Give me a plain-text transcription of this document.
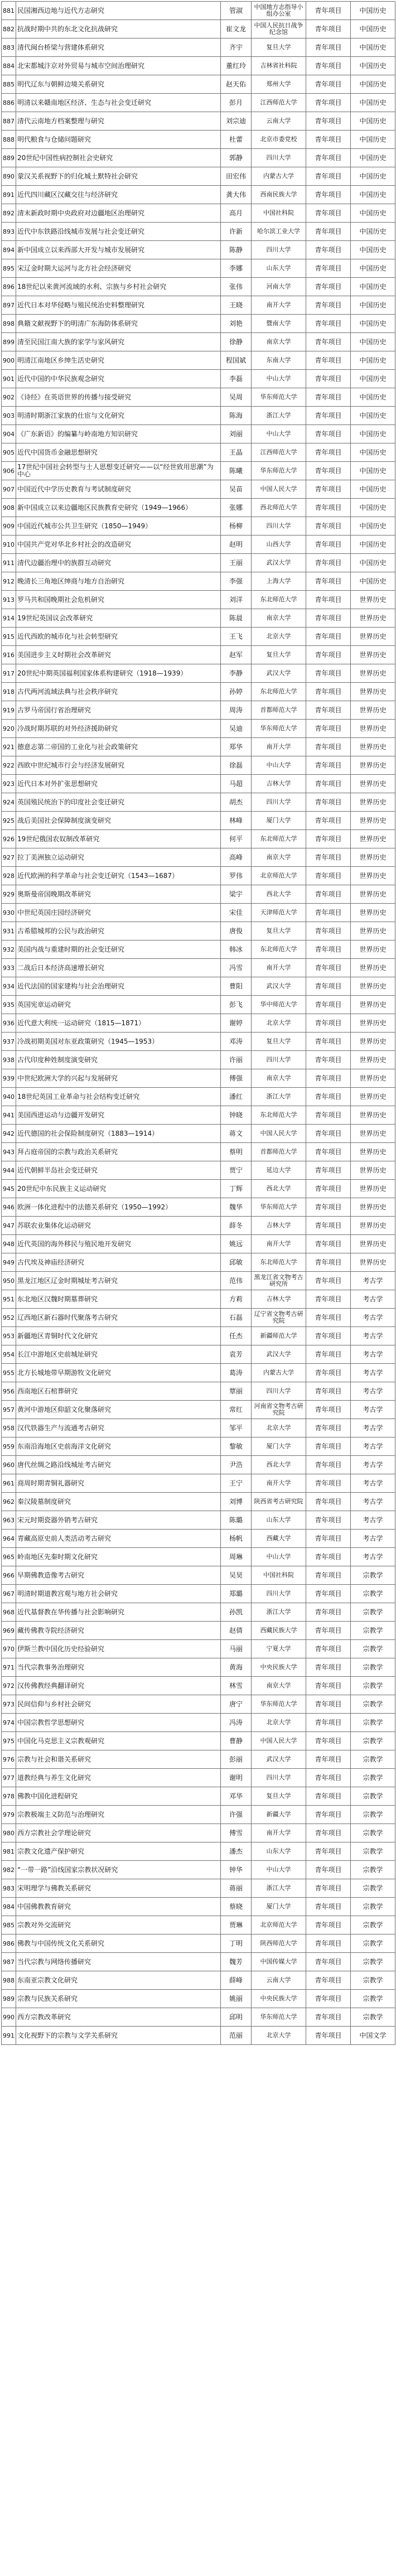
881	民国湘西边地与近代方志研究	管淑	中国地方志指导小组办公室	青年项目	中国历史
882	抗战时期中共的东北文化抗战研究	崔文龙	中国人民抗日战争纪念馆	青年项目	中国历史
883	清代闽台桥梁与营建体系研究	齐宇	复旦大学	青年项目	中国历史
884	北宋都城汴京对外贸易与城市空间治理研究	董红玲	吉林省社科院	青年项目	中国历史
885	明代辽东与朝鲜边境关系研究	赵天佑	郑州大学	青年项目	中国历史
886	明清以来赣南地区经济、生态与社会变迁研究	彭月	江西师范大学	青年项目	中国历史
887	清代云南地方档案整理与研究	刘宗迪	云南大学	青年项目	中国历史
888	明代粮食与仓储问题研究	杜蕾	北京市委党校	青年项目	中国历史
889	20世纪中国性病控制社会史研究	郭静	四川大学	青年项目	中国历史
890	蒙汉关系视野下的归化城土默特社会研究	田宏伟	内蒙古大学	青年项目	中国历史
891	近代四川藏区汉藏交往与经济研究	龚大伟	西南民族大学	青年项目	中国历史
892	清末新政时期中央政府对边疆地区治理研究	高月	中国社科院	青年项目	中国历史
893	近代中东铁路沿线城市发展与社会变迁研究	许新	哈尔滨工业大学	青年项目	中国历史
894	新中国成立以来西部大开发与城市发展研究	陈静	四川大学	青年项目	中国历史
895	宋辽金时期大运河与北方社会经济研究	李娜	山东大学	青年项目	中国历史
896	18世纪以来黄河流域的水利、宗族与乡村社会研究	张伟	河南大学	青年项目	中国历史
897	近代日本对华侵略与殖民统治史料整理研究	王晓	南开大学	青年项目	中国历史
898	典籍文献视野下的明清广东海防体系研究	刘艳	暨南大学	青年项目	中国历史
899	清至民国江南大族的家学与家风研究	徐静	南京大学	青年项目	中国历史
900	明清江南地区乡绅生活史研究	程国斌	东南大学	青年项目	中国历史
901	近代中国的中华民族观念研究	李磊	中山大学	青年项目	中国历史
902	《诗经》在英语世界的传播与接受研究	吴周	华东师范大学	青年项目	中国历史
903	明清时期浙江家族的仕宦与文化研究	陈海	浙江大学	青年项目	中国历史
904	《广东新语》的编纂与岭南地方知识研究	刘丽	中山大学	青年项目	中国历史
905	近代中国货币金融思想研究	王晶	江西师范大学	青年项目	中国历史
906	17世纪中国社会转型与士人思想变迁研究——以“经世致用思潮”为中心	陈曦	华东师范大学	青年项目	中国历史
907	中国近代中学历史教育与考试制度研究	吴苗	中国人民大学	青年项目	中国历史
908	新中国成立以来边疆地区民族教育史研究（1949—1966）	张娜	西北师范大学	青年项目	中国历史
909	中国近代城市公共卫生研究（1850—1949）	杨柳	四川大学	青年项目	中国历史
910	中国共产党对华北乡村社会的改造研究	赵明	山西大学	青年项目	中国历史
911	清代边疆治理中的族群互动研究	王丽	武汉大学	青年项目	中国历史
912	晚清长三角地区绅商与地方自治研究	李强	上海大学	青年项目	中国历史
913	罗马共和国晚期社会危机研究	刘洋	东北师范大学	青年项目	世界历史
914	19世纪英国议会改革研究	陈晨	南京大学	青年项目	世界历史
915	近代西欧的城市化与社会转型研究	王飞	北京大学	青年项目	世界历史
916	美国进步主义时期社会改革研究	赵军	复旦大学	青年项目	世界历史
917	20世纪中期英国福利国家体系构建研究（1918—1939）	李静	武汉大学	青年项目	世界历史
918	古代两河流域法典与社会秩序研究	孙婷	东北师范大学	青年项目	世界历史
919	古罗马帝国行省治理研究	周涛	首都师范大学	青年项目	世界历史
920	冷战时期苏联的对外经济援助研究	吴迪	华东师范大学	青年项目	世界历史
921	德意志第二帝国的工业化与社会政策研究	郑华	南开大学	青年项目	世界历史
922	西欧中世纪城市行会与经济发展研究	徐磊	中山大学	青年项目	世界历史
923	近代日本对外扩张思想研究	马超	吉林大学	青年项目	世界历史
924	英国殖民统治下的印度社会变迁研究	胡杰	四川大学	青年项目	世界历史
925	战后美国社会保障制度演变研究	林峰	厦门大学	青年项目	世界历史
926	19世纪俄国农奴制改革研究	何平	东北师范大学	青年项目	世界历史
927	拉丁美洲独立运动研究	高峰	南京大学	青年项目	世界历史
928	近代欧洲的科学革命与社会变迁研究（1543—1687）	罗伟	北京师范大学	青年项目	世界历史
929	奥斯曼帝国晚期改革研究	梁宇	西北大学	青年项目	世界历史
930	中世纪英国庄园经济研究	宋佳	天津师范大学	青年项目	世界历史
931	古希腊城邦的公民与政治研究	唐俊	复旦大学	青年项目	世界历史
932	美国内战与重建时期的社会变迁研究	韩冰	东北师范大学	青年项目	世界历史
933	二战后日本经济高速增长研究	冯雪	南开大学	青年项目	世界历史
934	近代法国的国家建构与社会治理研究	曹阳	武汉大学	青年项目	世界历史
935	英国宪章运动研究	彭飞	华中师范大学	青年项目	世界历史
936	近代意大利统一运动研究（1815—1871）	谢婷	北京大学	青年项目	世界历史
937	冷战初期美国对东亚政策研究（1945—1953）	邓涛	复旦大学	青年项目	世界历史
938	古代印度种姓制度演变研究	许丽	四川大学	青年项目	世界历史
939	中世纪欧洲大学的兴起与发展研究	傅强	南京大学	青年项目	世界历史
940	18世纪英国工业革命与社会结构变迁研究	潘红	浙江大学	青年项目	世界历史
941	美国西进运动与边疆开发研究	钟晓	东北师范大学	青年项目	世界历史
942	近代德国的社会保险制度研究（1883—1914）	蒋文	中国人民大学	青年项目	世界历史
943	拜占庭帝国的宗教与政治关系研究	蔡明	首都师范大学	青年项目	世界历史
944	近代朝鲜半岛社会变迁研究	贾宁	延边大学	青年项目	世界历史
945	20世纪中东民族主义运动研究	丁辉	西北大学	青年项目	世界历史
946	欧洲一体化进程中的法德关系研究（1950—1992）	魏华	华东师范大学	青年项目	世界历史
947	苏联农业集体化运动研究	薛冬	吉林大学	青年项目	世界历史
948	近代英国的海外移民与殖民地开发研究	姚远	南开大学	青年项目	世界历史
949	古代埃及神庙经济研究	邱敏	东北师范大学	青年项目	世界历史
950	黑龙江地区辽金时期城址考古研究	范伟	黑龙江省文物考古研究所	青年项目	考古学
951	东北地区汉魏时期墓葬研究	方莉	吉林大学	青年项目	考古学
952	辽西地区新石器时代聚落考古研究	石磊	辽宁省文物考古研究院	青年项目	考古学
953	新疆地区青铜时代文化研究	任杰	新疆师范大学	青年项目	考古学
954	长江中游地区史前城址研究	袁芳	武汉大学	青年项目	考古学
955	北方长城地带早期游牧文化研究	葛涛	内蒙古大学	青年项目	考古学
956	西南地区石棺葬研究	覃丽	四川大学	青年项目	考古学
957	黄河中游地区仰韶文化聚落研究	常红	河南省文物考古研究院	青年项目	考古学
958	汉代铁器生产与流通考古研究	邹平	北京大学	青年项目	考古学
959	东南沿海地区史前海洋文化研究	黎敏	厦门大学	青年项目	考古学
960	唐代丝绸之路沿线城址考古研究	尹浩	西北大学	青年项目	考古学
961	商周时期青铜礼器研究	王宁	南开大学	青年项目	考古学
962	秦汉陵墓制度研究	刘博	陕西省考古研究院	青年项目	考古学
963	宋元时期瓷器外销考古研究	陈璐	山东大学	青年项目	考古学
964	青藏高原史前人类活动考古研究	杨帆	西藏大学	青年项目	考古学
965	岭南地区先秦时期文化研究	周琳	中山大学	青年项目	考古学
966	早期佛教造像考古研究	吴昊	中国社科院	青年项目	宗教学
967	明清时期道教宫观与地方社会研究	郑璐	四川大学	青年项目	宗教学
968	近代基督教在华传播与社会影响研究	孙凯	浙江大学	青年项目	宗教学
969	藏传佛教寺院经济研究	赵倩	西藏民族大学	青年项目	宗教学
970	伊斯兰教中国化历史经验研究	马丽	宁夏大学	青年项目	宗教学
971	当代宗教事务治理研究	黄海	中央民族大学	青年项目	宗教学
972	汉传佛教经典翻译研究	林雪	南京大学	青年项目	宗教学
973	民间信仰与乡村社会研究	唐宁	华东师范大学	青年项目	宗教学
974	中国宗教哲学思想研究	冯涛	北京大学	青年项目	宗教学
975	中国化马克思主义宗教观研究	曹静	中国人民大学	青年项目	宗教学
976	宗教与社会和谐关系研究	彭丽	武汉大学	青年项目	宗教学
977	道教经典与养生文化研究	谢明	四川大学	青年项目	宗教学
978	佛教中国化进程研究	邓华	复旦大学	青年项目	宗教学
979	宗教极端主义防范与治理研究	许强	新疆大学	青年项目	宗教学
980	西方宗教社会学理论研究	傅雪	南开大学	青年项目	宗教学
981	宗教文化遗产保护研究	潘杰	山东大学	青年项目	宗教学
982	“一带一路”沿线国家宗教状况研究	钟华	中山大学	青年项目	宗教学
983	宋明理学与佛教关系研究	蒋丽	浙江大学	青年项目	宗教学
984	中国佛教教育研究	蔡晓	厦门大学	青年项目	宗教学
985	宗教对外交流研究	贾琳	北京师范大学	青年项目	宗教学
986	佛教与中国传统文化关系研究	丁明	陕西师范大学	青年项目	宗教学
987	当代宗教与网络传播研究	魏芳	中国传媒大学	青年项目	宗教学
988	东南亚宗教文化研究	薛峰	云南大学	青年项目	宗教学
989	宗教与民族关系研究	姚丽	中央民族大学	青年项目	宗教学
990	西方宗教改革研究	邱明	华东师范大学	青年项目	宗教学
991	文化视野下的宗教与文学关系研究	范丽	北京大学	青年项目	中国文学
